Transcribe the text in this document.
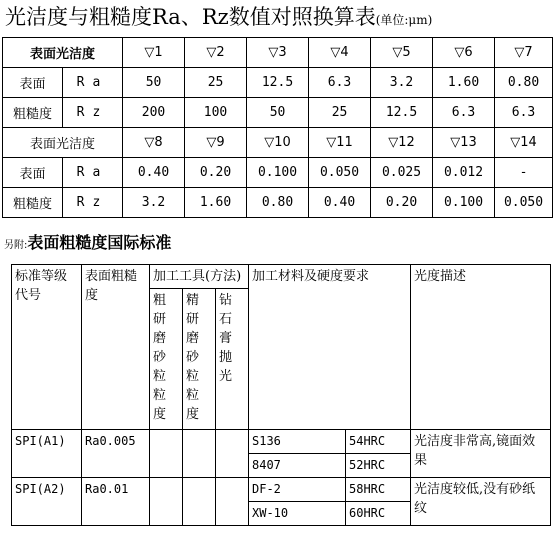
光洁度与粗糙度Ra、Rz数值对照换算表(单位:μm)
表面光洁度		▽1	▽2	▽3	▽4	▽5	▽6	▽7
表面	Ra	50	25	12.5	6.3	3.2	1.60	0.80
粗糙度	Rz	200	100	50	25	12.5	6.3	6.3
表面光洁度		▽8	▽9	▽10	▽11	▽12	▽13	▽14
表面	Ra	0.40	0.20	0.100	0.050	0.025	0.012	-
粗糙度	Rz	3.2	1.60	0.80	0.40	0.20	0.100	0.050
另附:表面粗糙度国际标准
标准等级代号	表面粗糙度	加工工具(方法)			加工材料及硬度要求		光度描述

		粗研磨砂粒粒度	精研磨砂粒粒度	钻石膏抛光			

SPI(A1)	Ra0.005				S136	54HRC	光洁度非常高,镜面效果
					8407	52HRC	
SPI(A2)	Ra0.01				DF-2	58HRC	光洁度较低,没有砂纸纹
					XW-10	60HRC	
